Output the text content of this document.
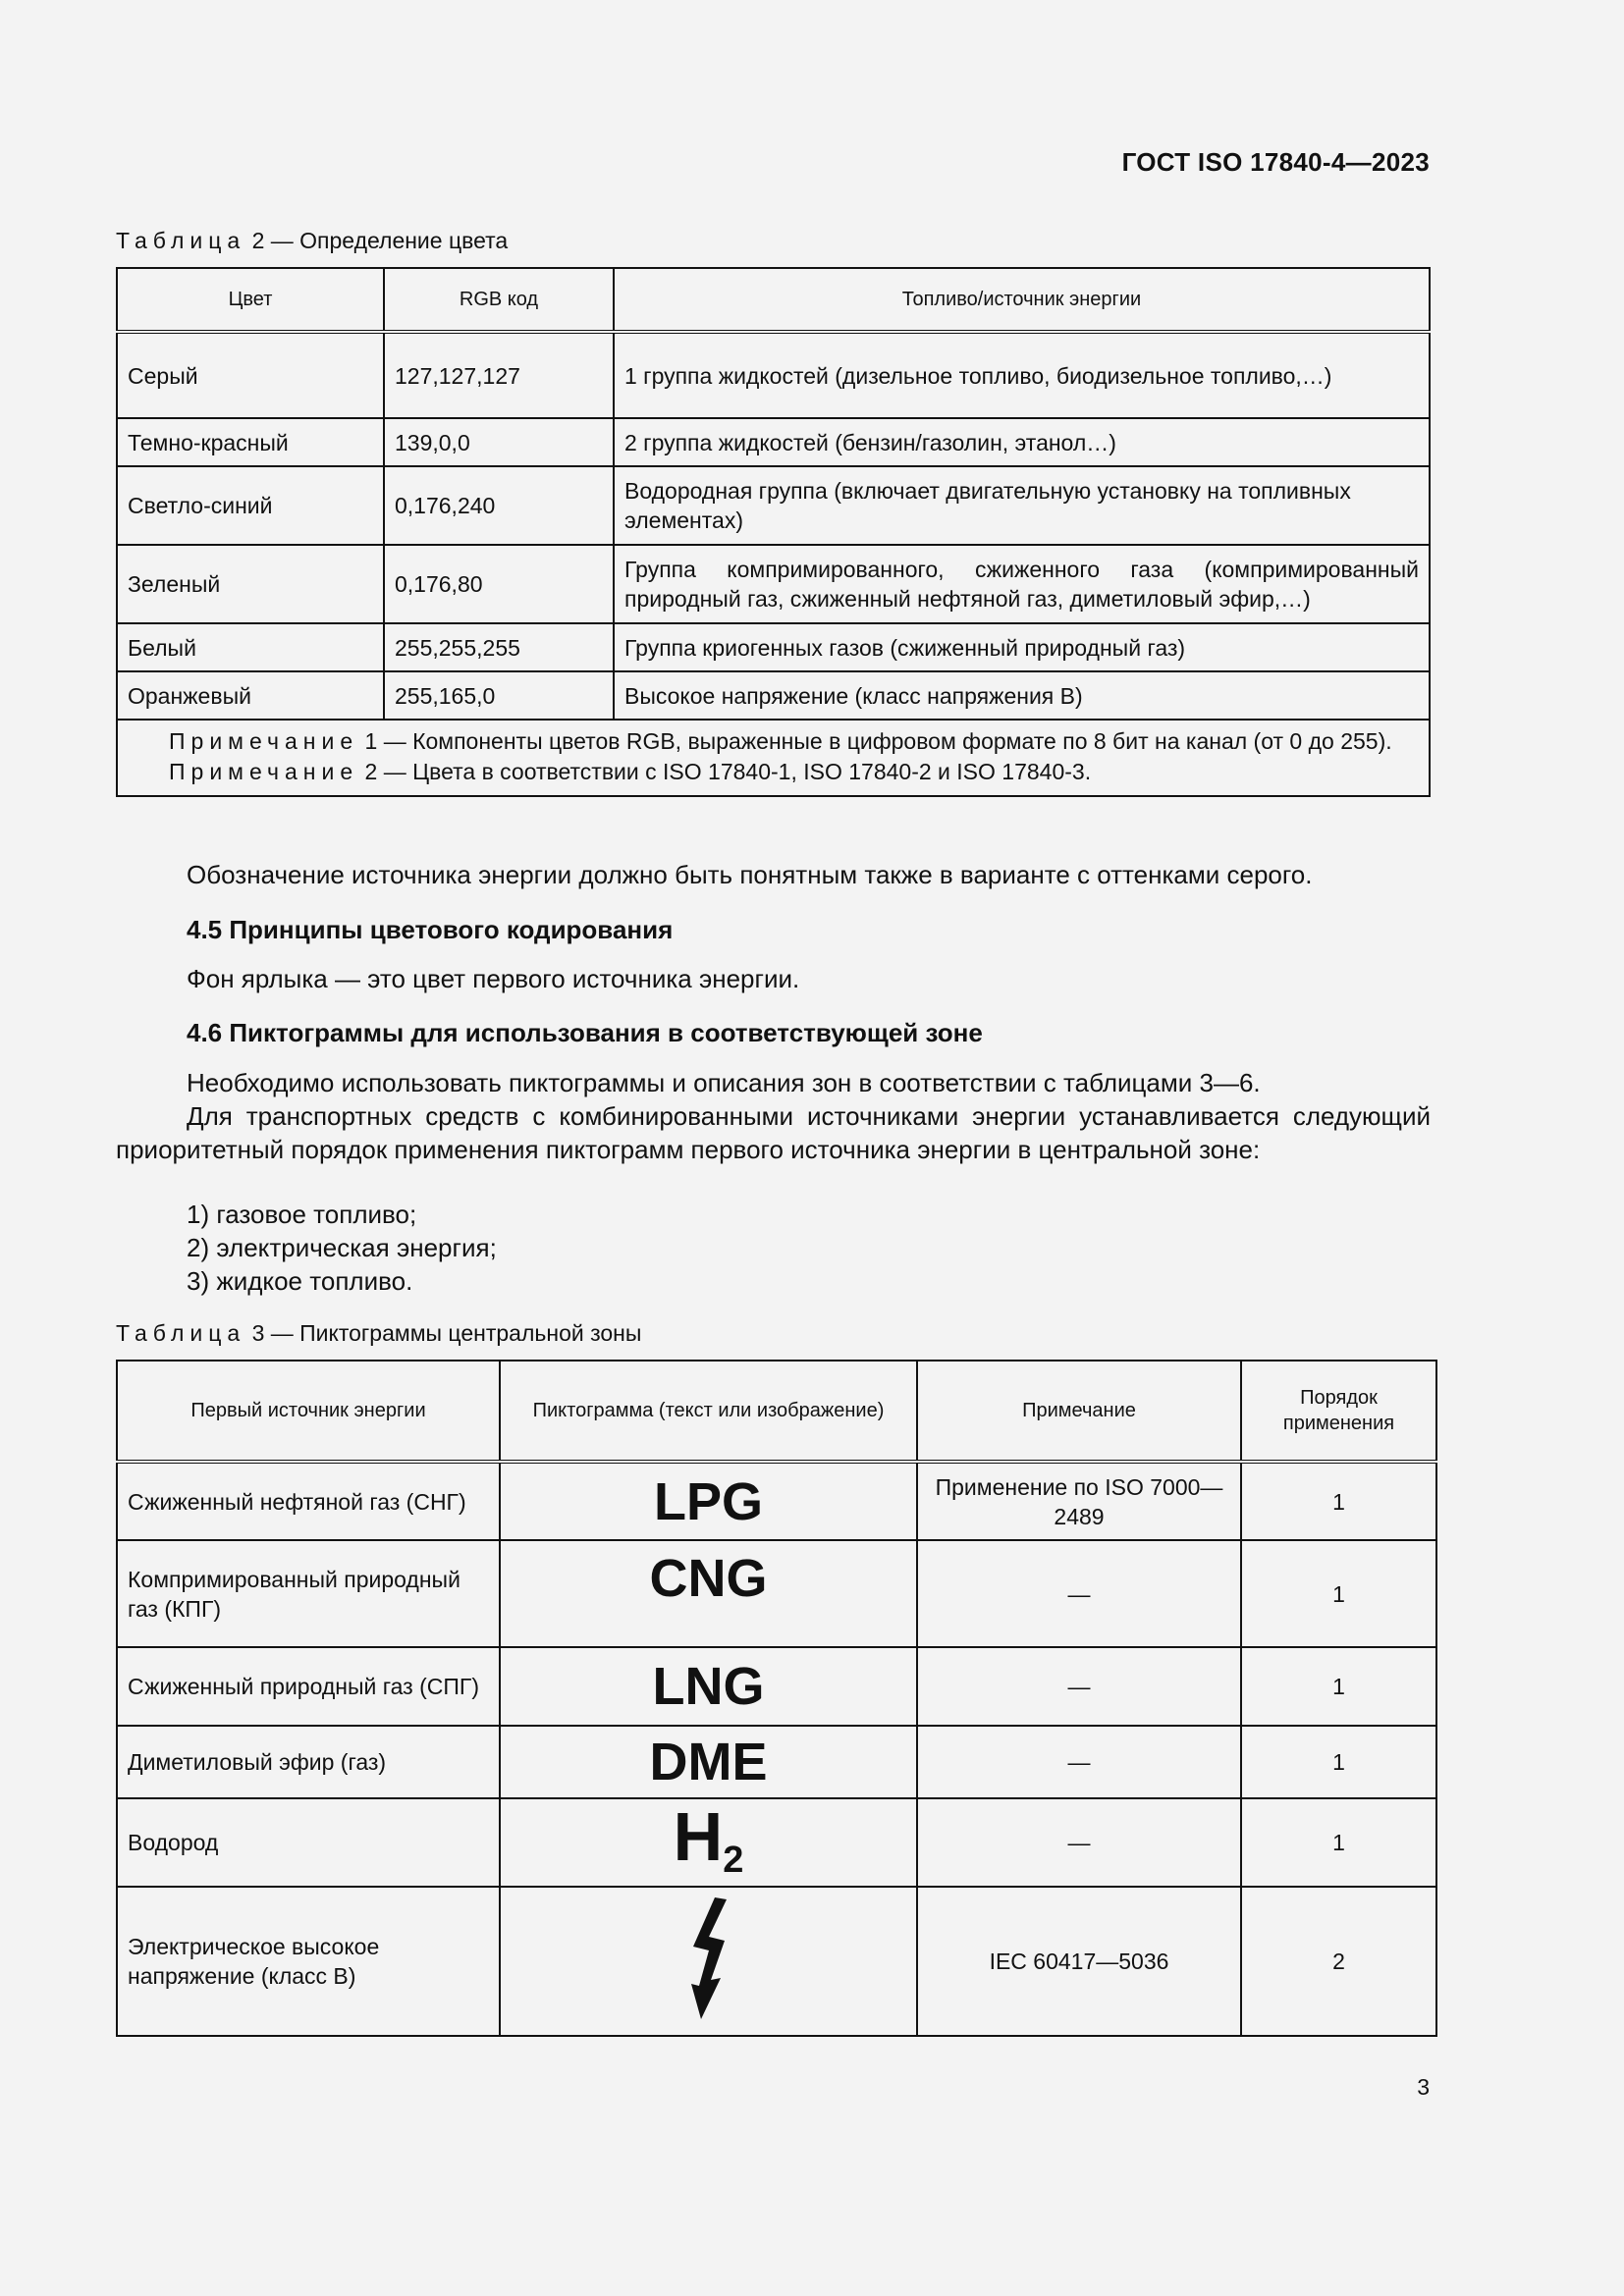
ГОСТ ISO 17840-4—2023
Таблица 2 — Определение цвета
Цвет	RGB код	Топливо/источник энергии
Серый	127,127,127	1 группа жидкостей (дизельное топливо, биодизельное топливо,…)
Темно-красный	139,0,0	2 группа жидкостей (бензин/газолин, этанол…)
Светло-синий	0,176,240	Водородная группа (включает двигательную установку на топливных элементах)
Зеленый	0,176,80	Группа компримированного, сжиженного газа (компримированный природный газ, сжиженный нефтяной газ, диметиловый эфир,…)
Белый	255,255,255	Группа криогенных газов (сжиженный природный газ)
Оранжевый	255,165,0	Высокое напряжение (класс напряжения В)

Примечание 1 — Компоненты цветов RGB, выраженные в цифровом формате по 8 бит на канал (от 0 до 255).
Примечание 2 — Цвета в соответствии с ISO 17840-1, ISO 17840-2 и ISO 17840-3.		
Обозначение источника энергии должно быть понятным также в варианте с оттенками серого.
4.5 Принципы цветового кодирования
Фон ярлыка — это цвет первого источника энергии.
4.6 Пиктограммы для использования в соответствующей зоне
Необходимо использовать пиктограммы и описания зон в соответствии с таблицами 3—6.
Для транспортных средств с комбинированными источниками энергии устанавливается следующий приоритетный порядок применения пиктограмм первого источника энергии в центральной зоне:
1) газовое топливо;
2) электрическая энергия;
3) жидкое топливо.
Таблица 3 — Пиктограммы центральной зоны
Первый источник энергии	Пиктограмма (текст или изображение)	Примечание	Порядок применения
Сжиженный нефтяной газ (СНГ)	LPG	Применение по ISO 7000—2489	1
Компримированный природный газ (КПГ)	CNG	—	1
Сжиженный природный газ (СПГ)	LNG	—	1
Диметиловый эфир (газ)	DME	—	1
Водород	H2	—	1
Электрическое высокое напряжение (класс В)		IEC 60417—5036	2
3
